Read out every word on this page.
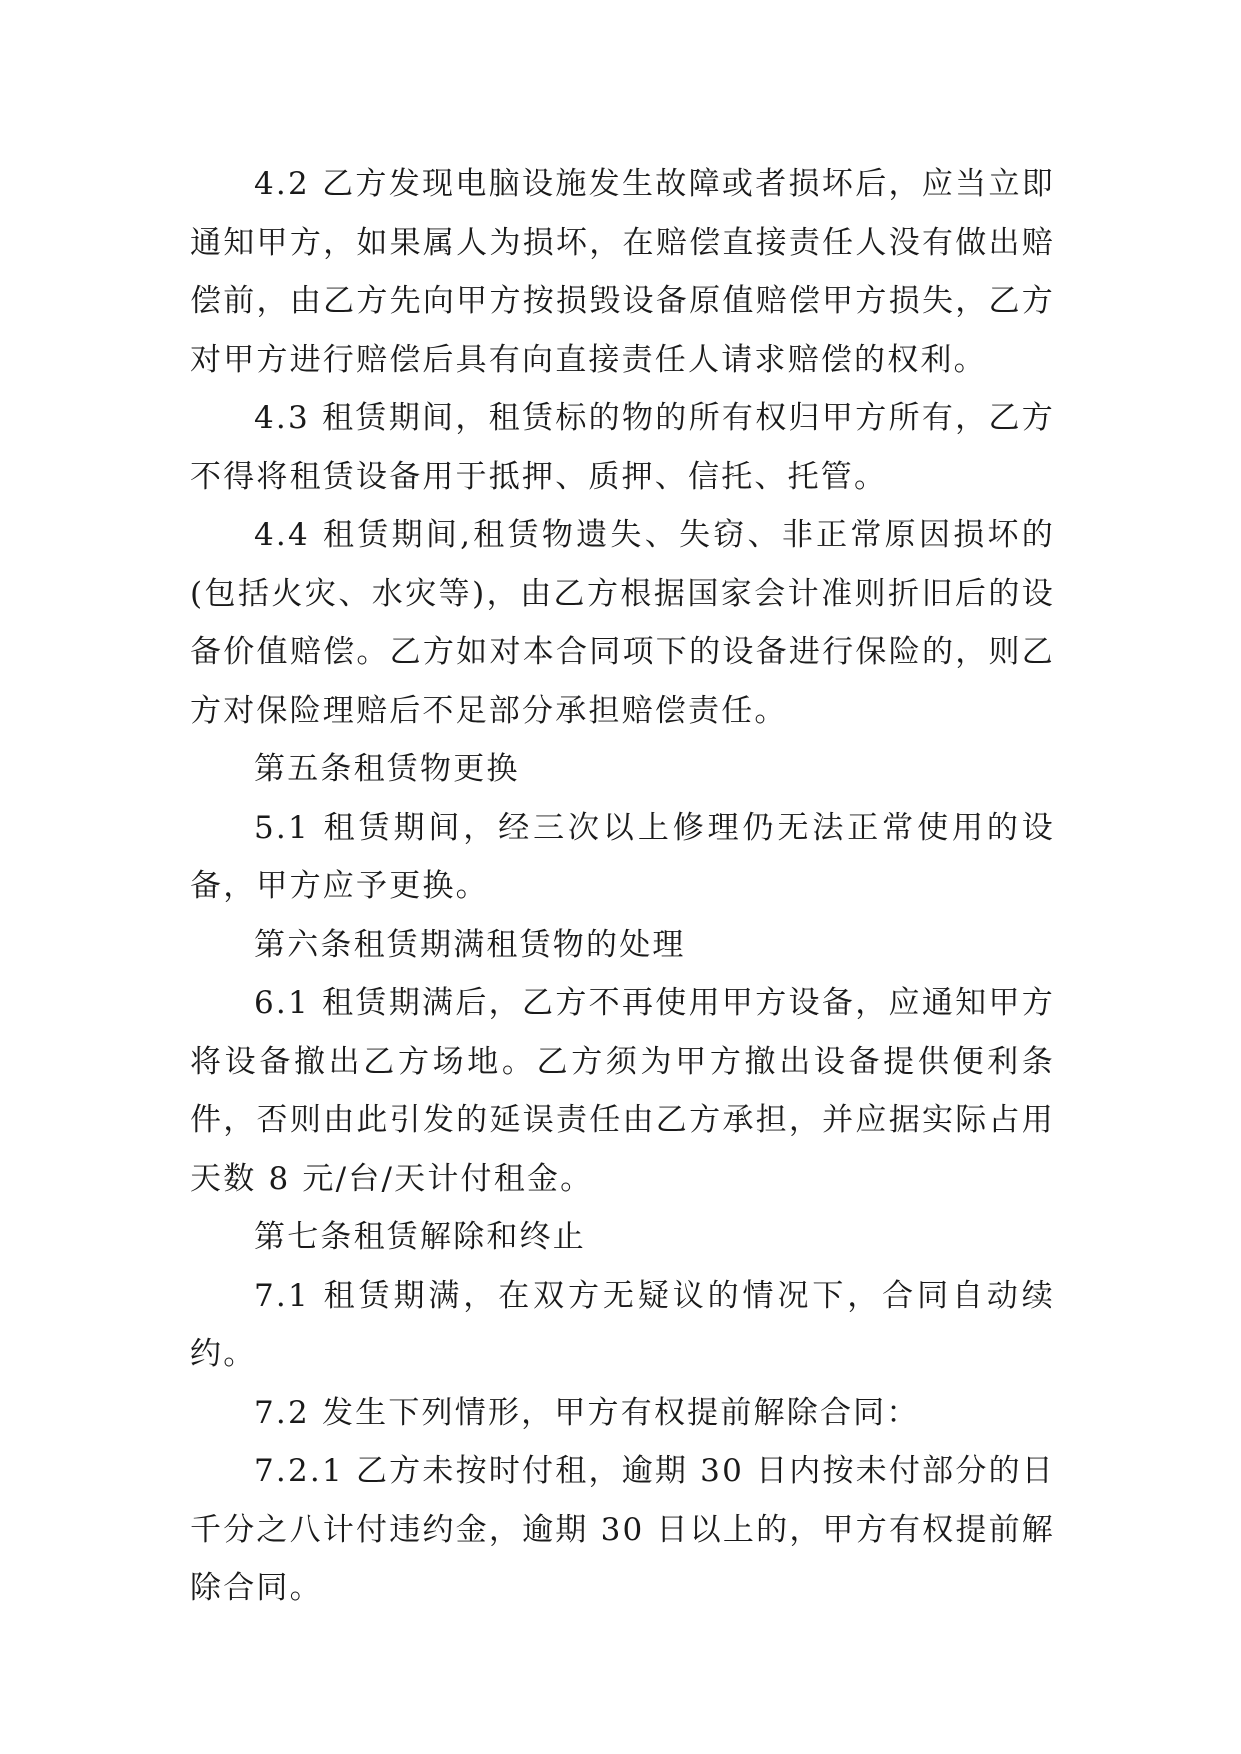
4.2 乙方发现电脑设施发生故障或者损坏后，应当立即通知甲方，如果属人为损坏，在赔偿直接责任人没有做出赔偿前，由乙方先向甲方按损毁设备原值赔偿甲方损失，乙方对甲方进行赔偿后具有向直接责任人请求赔偿的权利。

4.3 租赁期间，租赁标的物的所有权归甲方所有，乙方不得将租赁设备用于抵押、质押、信托、托管。

4.4 租赁期间,租赁物遗失、失窃、非正常原因损坏的(包括火灾、水灾等)，由乙方根据国家会计准则折旧后的设备价值赔偿。乙方如对本合同项下的设备进行保险的，则乙方对保险理赔后不足部分承担赔偿责任。

第五条租赁物更换

5.1 租赁期间，经三次以上修理仍无法正常使用的设备，甲方应予更换。

第六条租赁期满租赁物的处理

6.1 租赁期满后，乙方不再使用甲方设备，应通知甲方将设备撤出乙方场地。乙方须为甲方撤出设备提供便利条件，否则由此引发的延误责任由乙方承担，并应据实际占用天数 8 元/台/天计付租金。

第七条租赁解除和终止

7.1 租赁期满，在双方无疑议的情况下，合同自动续约。

7.2 发生下列情形，甲方有权提前解除合同：

7.2.1 乙方未按时付租，逾期 30 日内按未付部分的日千分之八计付违约金，逾期 30 日以上的，甲方有权提前解除合同。
